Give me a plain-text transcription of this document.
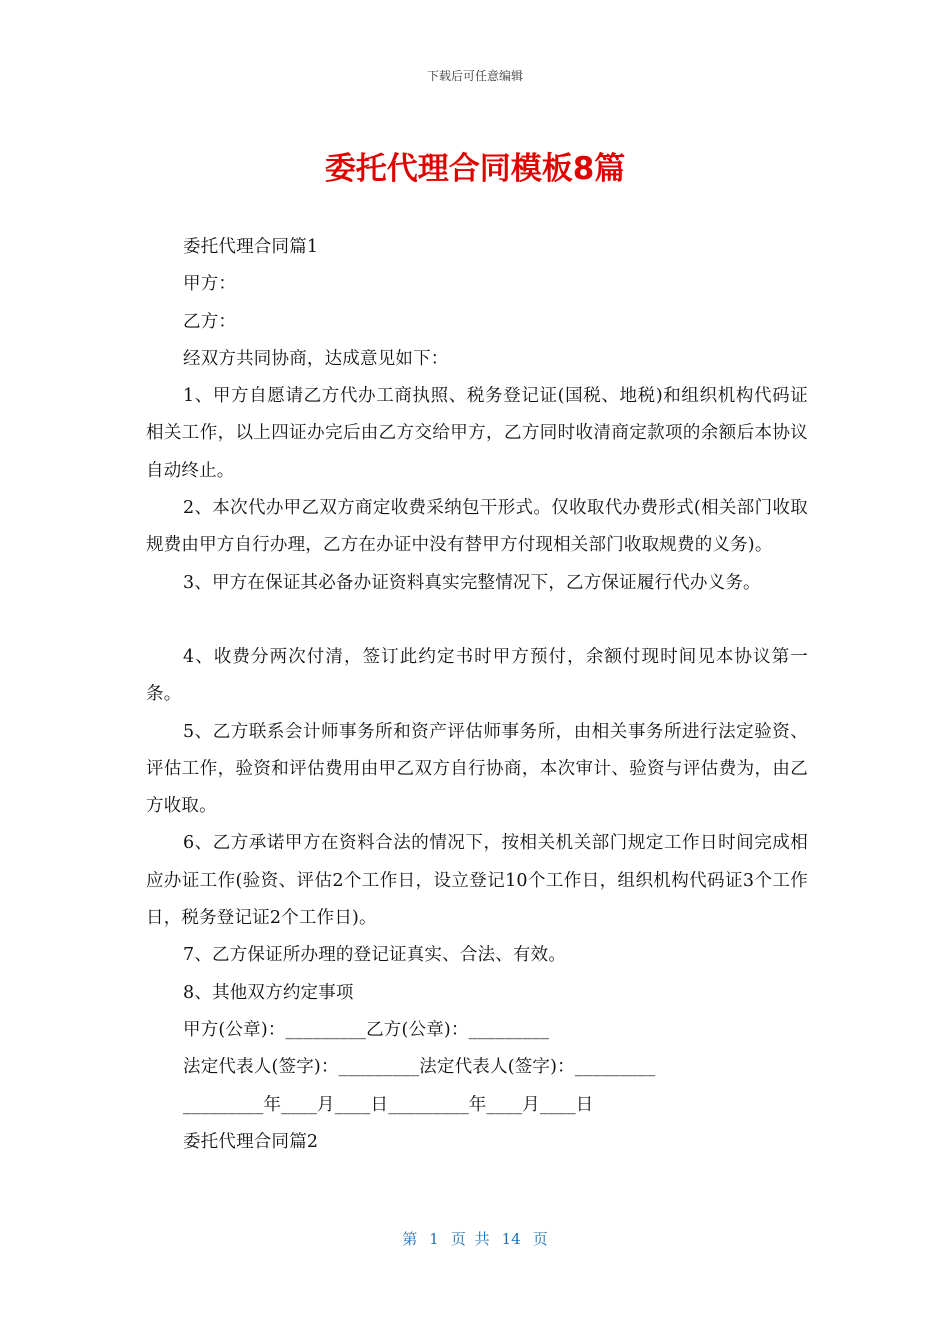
下载后可任意编辑
委托代理合同模板8篇

委托代理合同篇1

甲方：

乙方：

经双方共同协商，达成意见如下：

1、甲方自愿请乙方代办工商执照、税务登记证(国税、地税)和组织机构代码证相关工作，以上四证办完后由乙方交给甲方，乙方同时收清商定款项的余额后本协议自动终止。

2、本次代办甲乙双方商定收费采纳包干形式。仅收取代办费形式(相关部门收取规费由甲方自行办理，乙方在办证中没有替甲方付现相关部门收取规费的义务)。

3、甲方在保证其必备办证资料真实完整情况下，乙方保证履行代办义务。

4、收费分两次付清，签订此约定书时甲方预付，余额付现时间见本协议第一条。

5、乙方联系会计师事务所和资产评估师事务所，由相关事务所进行法定验资、评估工作，验资和评估费用由甲乙双方自行协商，本次审计、验资与评估费为，由乙方收取。

6、乙方承诺甲方在资料合法的情况下，按相关机关部门规定工作日时间完成相应办证工作(验资、评估2个工作日，设立登记10个工作日，组织机构代码证3个工作日，税务登记证2个工作日)。

7、乙方保证所办理的登记证真实、合法、有效。

8、其他双方约定事项

甲方(公章)：_________乙方(公章)：_________

法定代表人(签字)：_________法定代表人(签字)：_________

_________年____月____日_________年____月____日

委托代理合同篇2

第 1 页 共 14 页
